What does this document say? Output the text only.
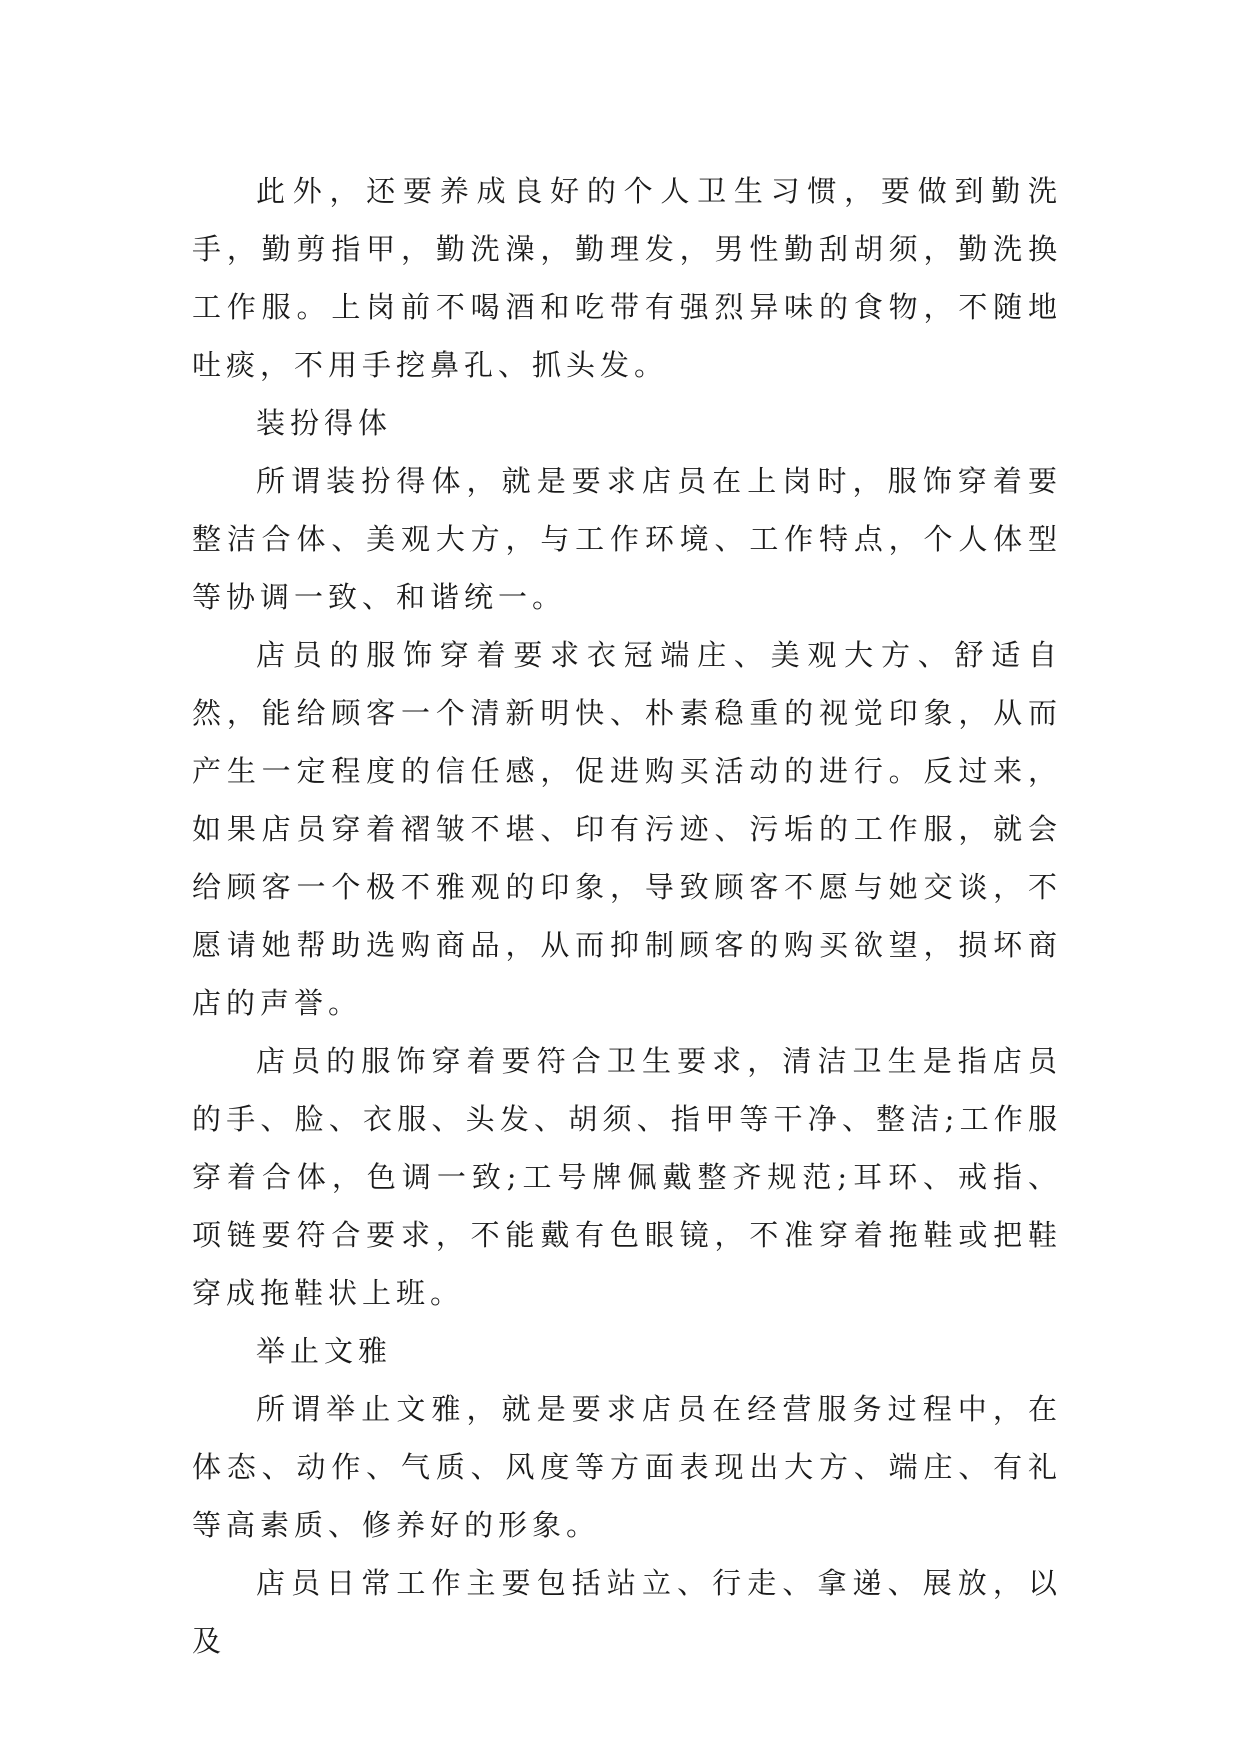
此外，还要养成良好的个人卫生习惯，要做到勤洗手，勤剪指甲，勤洗澡，勤理发，男性勤刮胡须，勤洗换工作服。上岗前不喝酒和吃带有强烈异味的食物，不随地吐痰，不用手挖鼻孔、抓头发。

装扮得体

所谓装扮得体，就是要求店员在上岗时，服饰穿着要整洁合体、美观大方，与工作环境、工作特点，个人体型等协调一致、和谐统一。

店员的服饰穿着要求衣冠端庄、美观大方、舒适自然，能给顾客一个清新明快、朴素稳重的视觉印象，从而产生一定程度的信任感，促进购买活动的进行。反过来，如果店员穿着褶皱不堪、印有污迹、污垢的工作服，就会给顾客一个极不雅观的印象，导致顾客不愿与她交谈，不愿请她帮助选购商品，从而抑制顾客的购买欲望，损坏商店的声誉。

店员的服饰穿着要符合卫生要求，清洁卫生是指店员的手、脸、衣服、头发、胡须、指甲等干净、整洁;工作服穿着合体，色调一致;工号牌佩戴整齐规范;耳环、戒指、项链要符合要求，不能戴有色眼镜，不准穿着拖鞋或把鞋穿成拖鞋状上班。

举止文雅

所谓举止文雅，就是要求店员在经营服务过程中，在体态、动作、气质、风度等方面表现出大方、端庄、有礼等高素质、修养好的形象。

店员日常工作主要包括站立、行走、拿递、展放，以及
